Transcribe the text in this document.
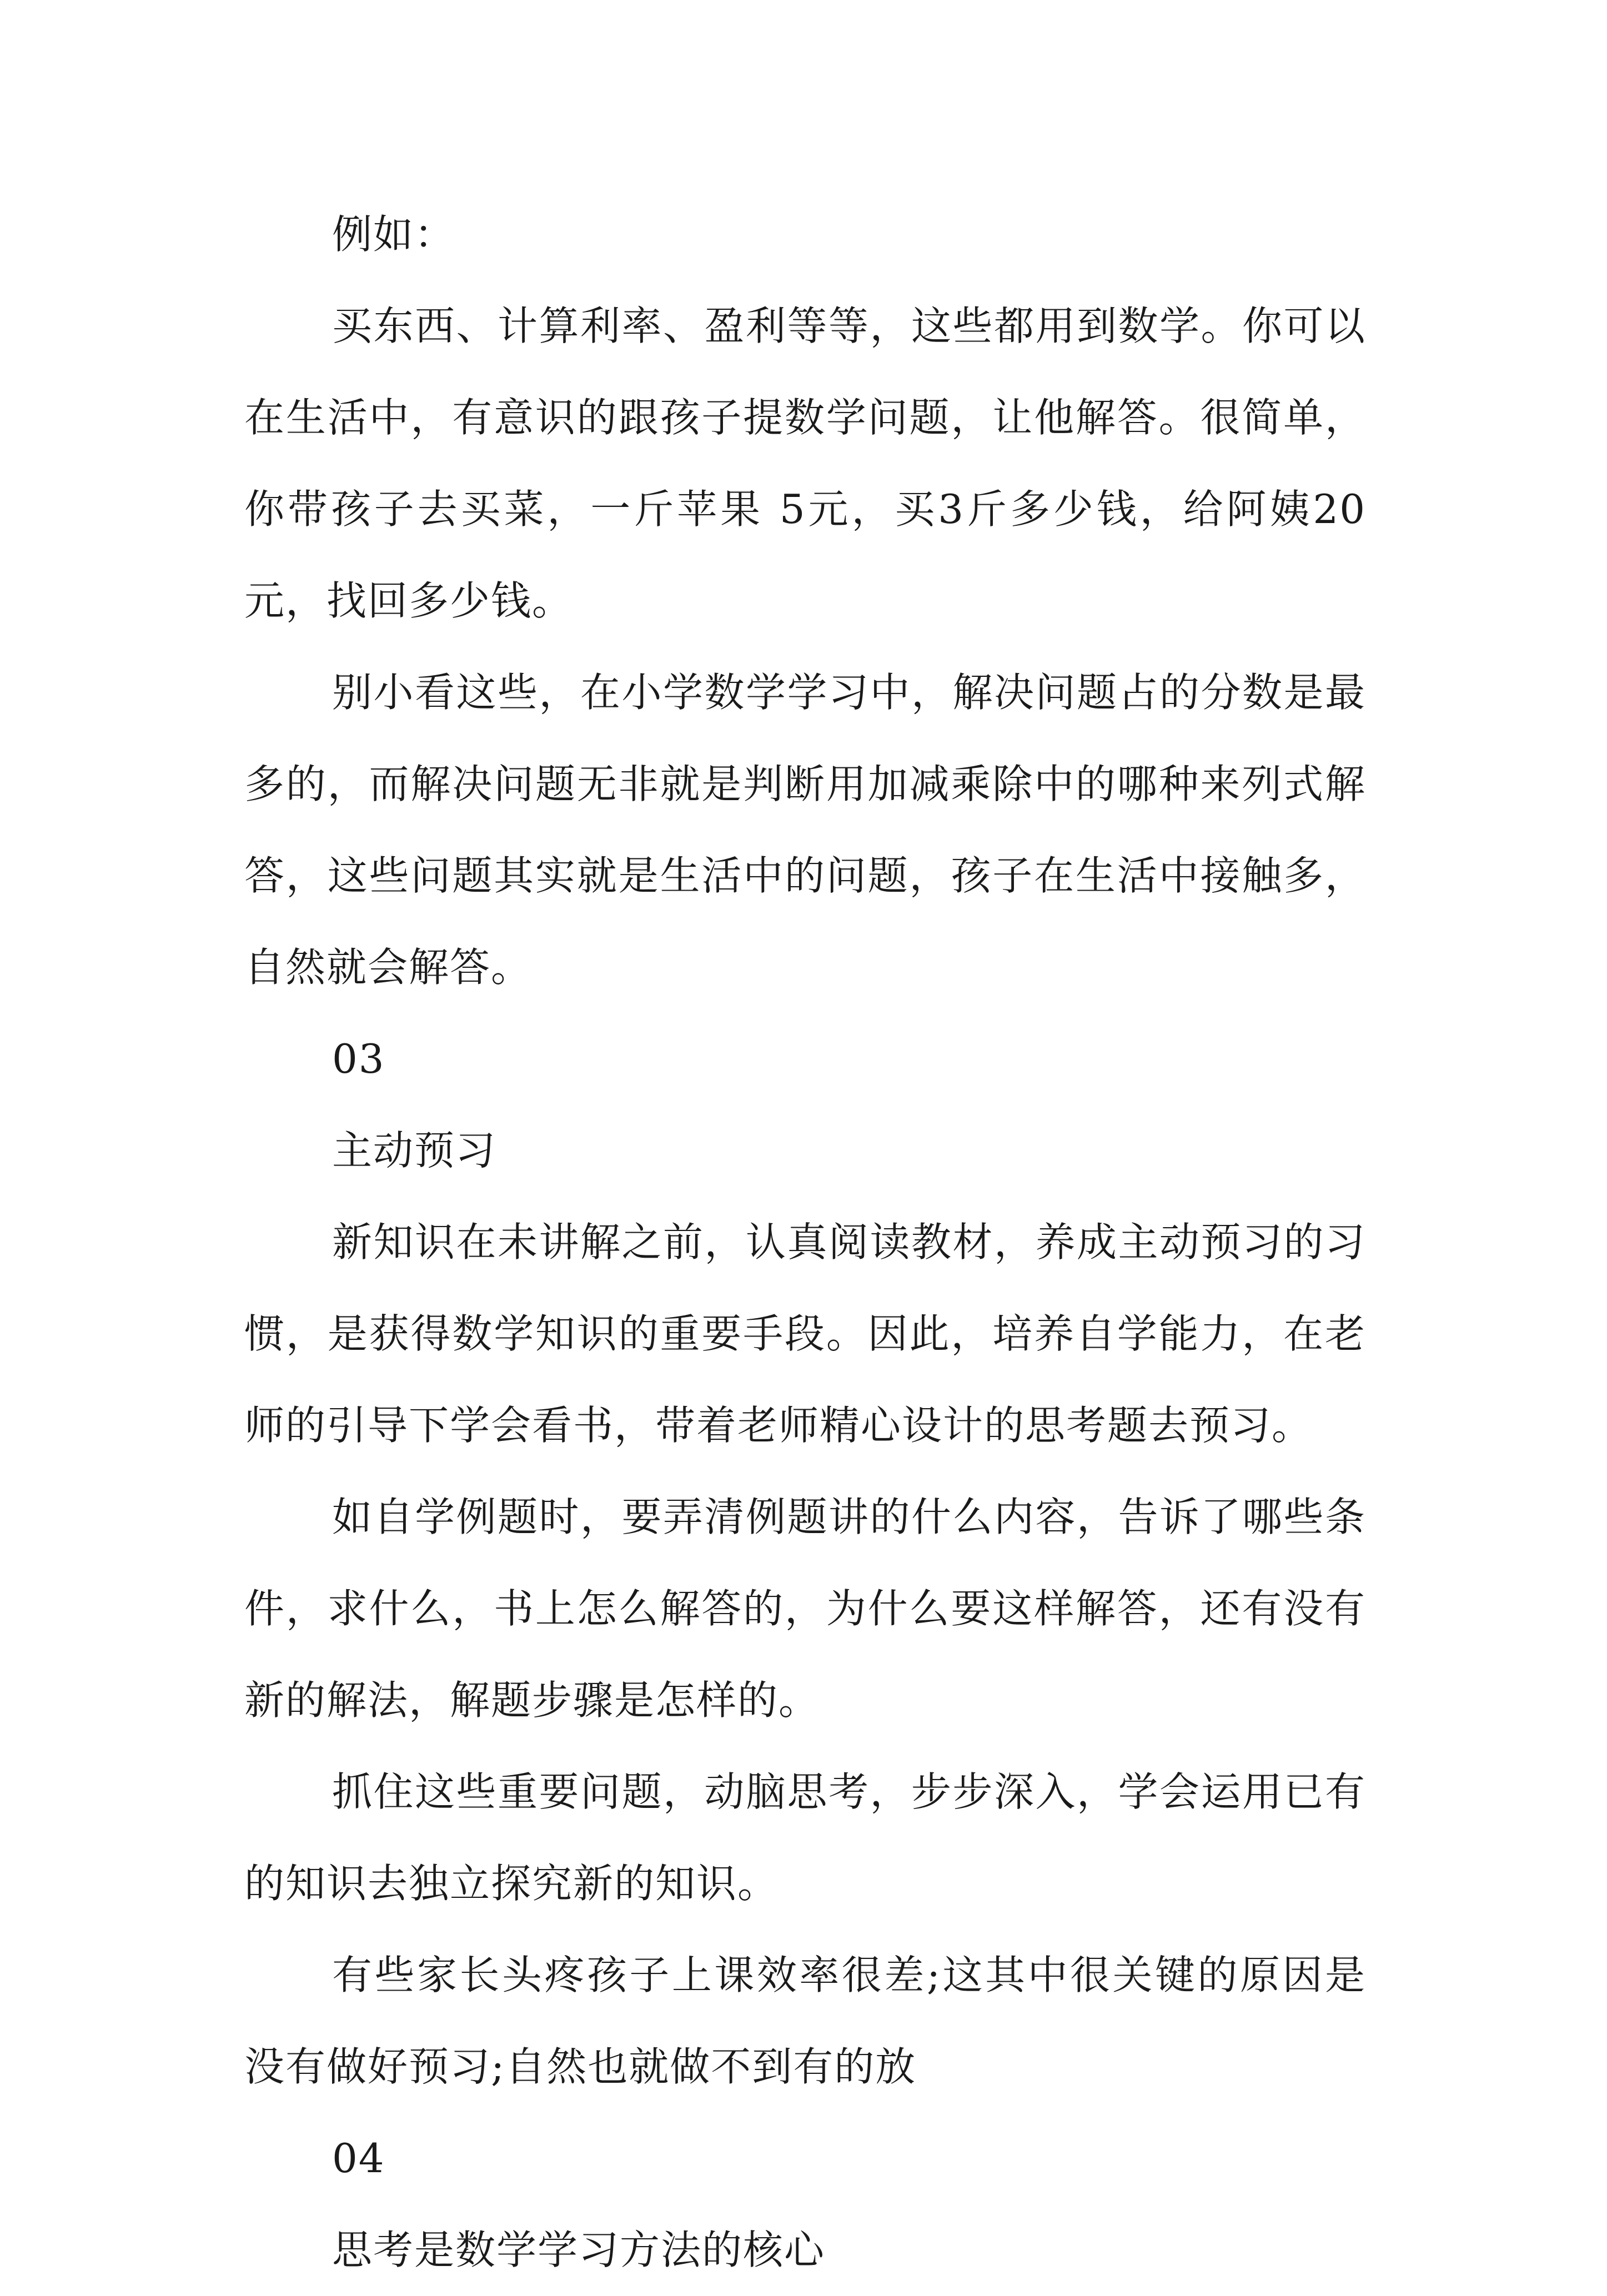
例如：

买东西、计算利率、盈利等等，这些都用到数学。你可以在生活中，有意识的跟孩子提数学问题，让他解答。很简单，你带孩子去买菜，一斤苹果 5元，买3斤多少钱，给阿姨20元，找回多少钱。

别小看这些，在小学数学学习中，解决问题占的分数是最多的，而解决问题无非就是判断用加减乘除中的哪种来列式解答，这些问题其实就是生活中的问题，孩子在生活中接触多，自然就会解答。

03

主动预习

新知识在未讲解之前，认真阅读教材，养成主动预习的习惯，是获得数学知识的重要手段。因此，培养自学能力，在老师的引导下学会看书，带着老师精心设计的思考题去预习。

如自学例题时，要弄清例题讲的什么内容，告诉了哪些条件，求什么，书上怎么解答的，为什么要这样解答，还有没有新的解法，解题步骤是怎样的。

抓住这些重要问题，动脑思考，步步深入，学会运用已有的知识去独立探究新的知识。

有些家长头疼孩子上课效率很差;这其中很关键的原因是没有做好预习;自然也就做不到有的放

04

思考是数学学习方法的核心
